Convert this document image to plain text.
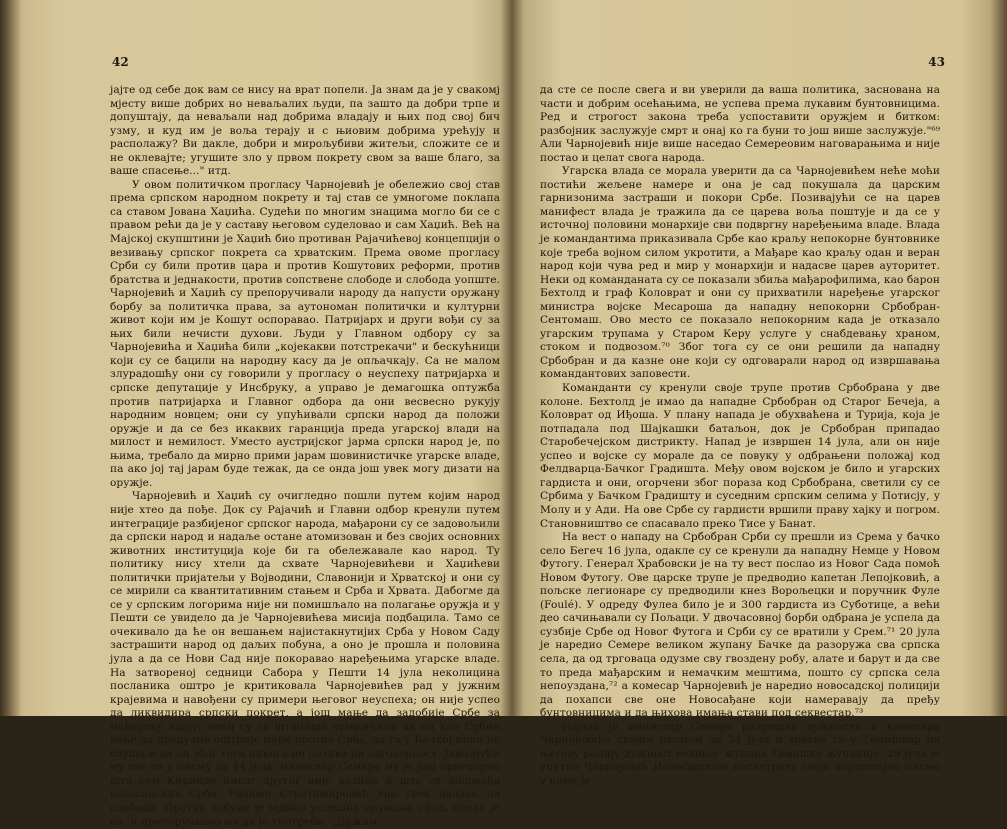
42

јајте од себе док вам се нису на врат попели. Ја знам да је у свакомј мјесту више добрих но неваљалих људи, па зашто да добри трпе и допуштају, да неваљали над добрима владају и њих под свој бич узму, и куд им је воља терају и с њиовим добрима урећују и располажу? Ви дакле, добри и мирољубиви житељи, сложите се и не оклевајте; угушите зло у првом покрету свом за ваше благо, за ваше спасење..." итд.

У овом политичком прогласу Чарнојевић је обележио свој став према српском народном покрету и тај став се умногоме поклапа са ставом Јована Хаџића. Судећи по многим знацима могло би се с правом рећи да је у саставу његовом суделовао и сам Хаџић. Већ на Мајској скупштини је Хаџић био противан Рајачићевој концепцији о везивању српског покрета са хрватским. Према овоме прогласу Срби су били против цара и против Кошутових реформи, против братства и једнакости, против сопствене слободе и слобода уопште. Чарнојевић и Хаџић су препоручивали народу да напусти оружану борбу за политичка права, за аутономан политички и културни живот који им је Кошут оспоравао. Патријарх и други вођи су за њих били нечисти духови. Људи у Главном одбору су за Чарнојевића и Хаџића били „којекакви потстрекачи" и бескућници који су се бацили на народну касу да је опљачкају. Са не малом злурадошћу они су говорили у прогласу о неуспеху патријарха и српске депутације у Инсбруку, а управо је демагошка оптужба против патријарха и Главног одбора да они весвесно рукују народним новцем; они су упућивали српски народ да положи оружје и да се без икаквих гаранција преда угарској влади на милост и немилост. Уместо аустријског јарма српски народ је, по њима, требало да мирно прими јарам шовинистичке угарске владе, па ако јој тај јарам буде тежак, да се онда још увек могу дизати на оружје.

Чарнојевић и Хаџић су очигледно пошли путем којим народ није хтео да пође. Док су Рајачић и Главни одбор кренули путем интеграције разбијеног српског народа, мађарони су се задовољили да српски народ и надаље остане атомизован и без својих основних животних институција које би га обележавале као народ. Ту политику нису хтели да схвате Чарнојевићеви и Хаџићеви политички пријатељи у Војводини, Славонији и Хрватској и они су се мирили са квантитативним стањем и Срба и Хрвата. Дабогме да се у српским логорима није ни помишљало на полагање оружја и у Пешти се увидело да је Чарнојевићева мисија подбацила. Тамо се очекивало да ће он вешањем најистакнутијих Срба у Новом Саду застрашити народ од даљих побуна, а оно је прошла и половина јула а да се Нови Сад није покоравао наређењима угарске владе. На затвореној седници Сабора у Пешти 14 јула неколицина посланика оштро је критиковала Чарнојевићев рад у јужним крајевима и навођени су примери његовог неуспеха; он није успео да ликвидира српски покрет, а још мање да задобије Србе за мађарску идеју; неки су га штапише сумњичили да он као Србин неће да предузме оштрије мере против Срба, да га у Бачкој нико не слуша и да он због тога никога не позива на одговорност. Јављајући му све то у писму од 14 јула, министар Семере му је још пригоорио што сем Кикинде никог другог није казнио и што се коловођа новосадских Срба, Радивој Стратимировић још увек налази на слободи. Против побуне је једино успешна оружана сила, писао је он, и препоручивао му да је употреби. „Држим

43

да сте се после свега и ви уверили да ваша политика, заснована на части и добрим осећањима, не успева према лукавим бунтовницима. Ред и строгост закона треба успоставити оружјем и битком: разбојник заслужује смрт и онај ко га буни то још више заслужује."⁶⁹ Али Чарнојевић није више наседао Семереовим наговарањима и није постао и целат свога народа.

Угарска влада се морала уверити да са Чарнојевићем неће моћи постићи жељене намере и она је сад покушала да царским гарнизонима застраши и покори Србе. Позивајући се на царев манифест влада је тражила да се царева воља поштује и да се у источној половини монархије сви подвргну наређењима владе. Влада је командантима приказивала Србе као краљу непокорне бунтовнике које треба војном силом укротити, а Мађаре као краљу одан и веран народ који чува ред и мир у монархији и надасве царев ауторитет. Неки од команданата су се показали збиља мађарофилима, као барон Бехтолд и граф Коловрат и они су прихватили наређење угарског министра војске Месароша да нападну непокорни Србобран-Сентомаш. Ово место се показало непокорним када је отказало угарским трупама у Старом Керу услуге у снабдевању храном, стоком и подвозом.⁷⁰ Због тога су се они решили да нападну Србобран и да казне оне који су одговарали народ од извршавања командантових заповести.

Команданти су кренули своје трупе против Србобрана у две колоне. Бехтолд је имао да нападне Србобран од Старог Бечеја, а Коловрат од Иђоша. У плану напада је обухваћена и Турија, која је потпадала под Шајкашки батаљон, док је Србобран припадао Старобечејском дистрикту. Напад је извршен 14 јула, али он није успео и војске су морале да се повуку у одбрањени положај код Фелдварца-Бачког Градишта. Међу овом војском је било и угарских гардиста и они, огорчени због пораза код Србобрана, светили су се Србима у Бачком Градишту и суседним српским селима у Потисју, у Молу и у Ади. На ове Србе су гардисти вршили праву хајку и погром. Становништво се спасавало преко Тисе у Банат.

На вест о нападу на Србобран Срби су прешли из Срема у бачко село Бегеч 16 јула, одакле су се кренули да нападну Немце у Новом Футогу. Генерал Храбовски је на ту вест послао из Новог Сада помоћ Новом Футогу. Ове царске трупе је предводио капетан Лепојковић, а пољске легионаре су предводили кнез Ворољецки и поручник Фуле (Foulé). У одреду Фулеа било је и 300 гардиста из Суботице, а већи део сачињавали су Пољаци. У двочасовној борби одбрана је успела да сузбије Србе од Новог Футога и Срби су се вратили у Срем.⁷¹ 20 јула је наредио Семере великом жупану Бачке да разоружа сва српска села, да од трговаца одузме сву гвоздену робу, алате и барут и да све то преда мађарским и немачким мештима, пошто су српска села непоуздана,⁷² а комесар Чарнојевић је наредио новосадској полицији да похапси све оне Новосађане који намеравају да пређу бунтовницима и да њихова имања стави под секвестар.⁷³

Најзад је министар Семере разрешио дужности и комесара Чарнојевића својим писмом од 24 јула и вратио га у Темишвар на његову ранију дужност великог жупана Тамишке жупаније. 29 јула је упутио Чарнојевић Новосадском магистрату своје опроштајно писмо у коме је
